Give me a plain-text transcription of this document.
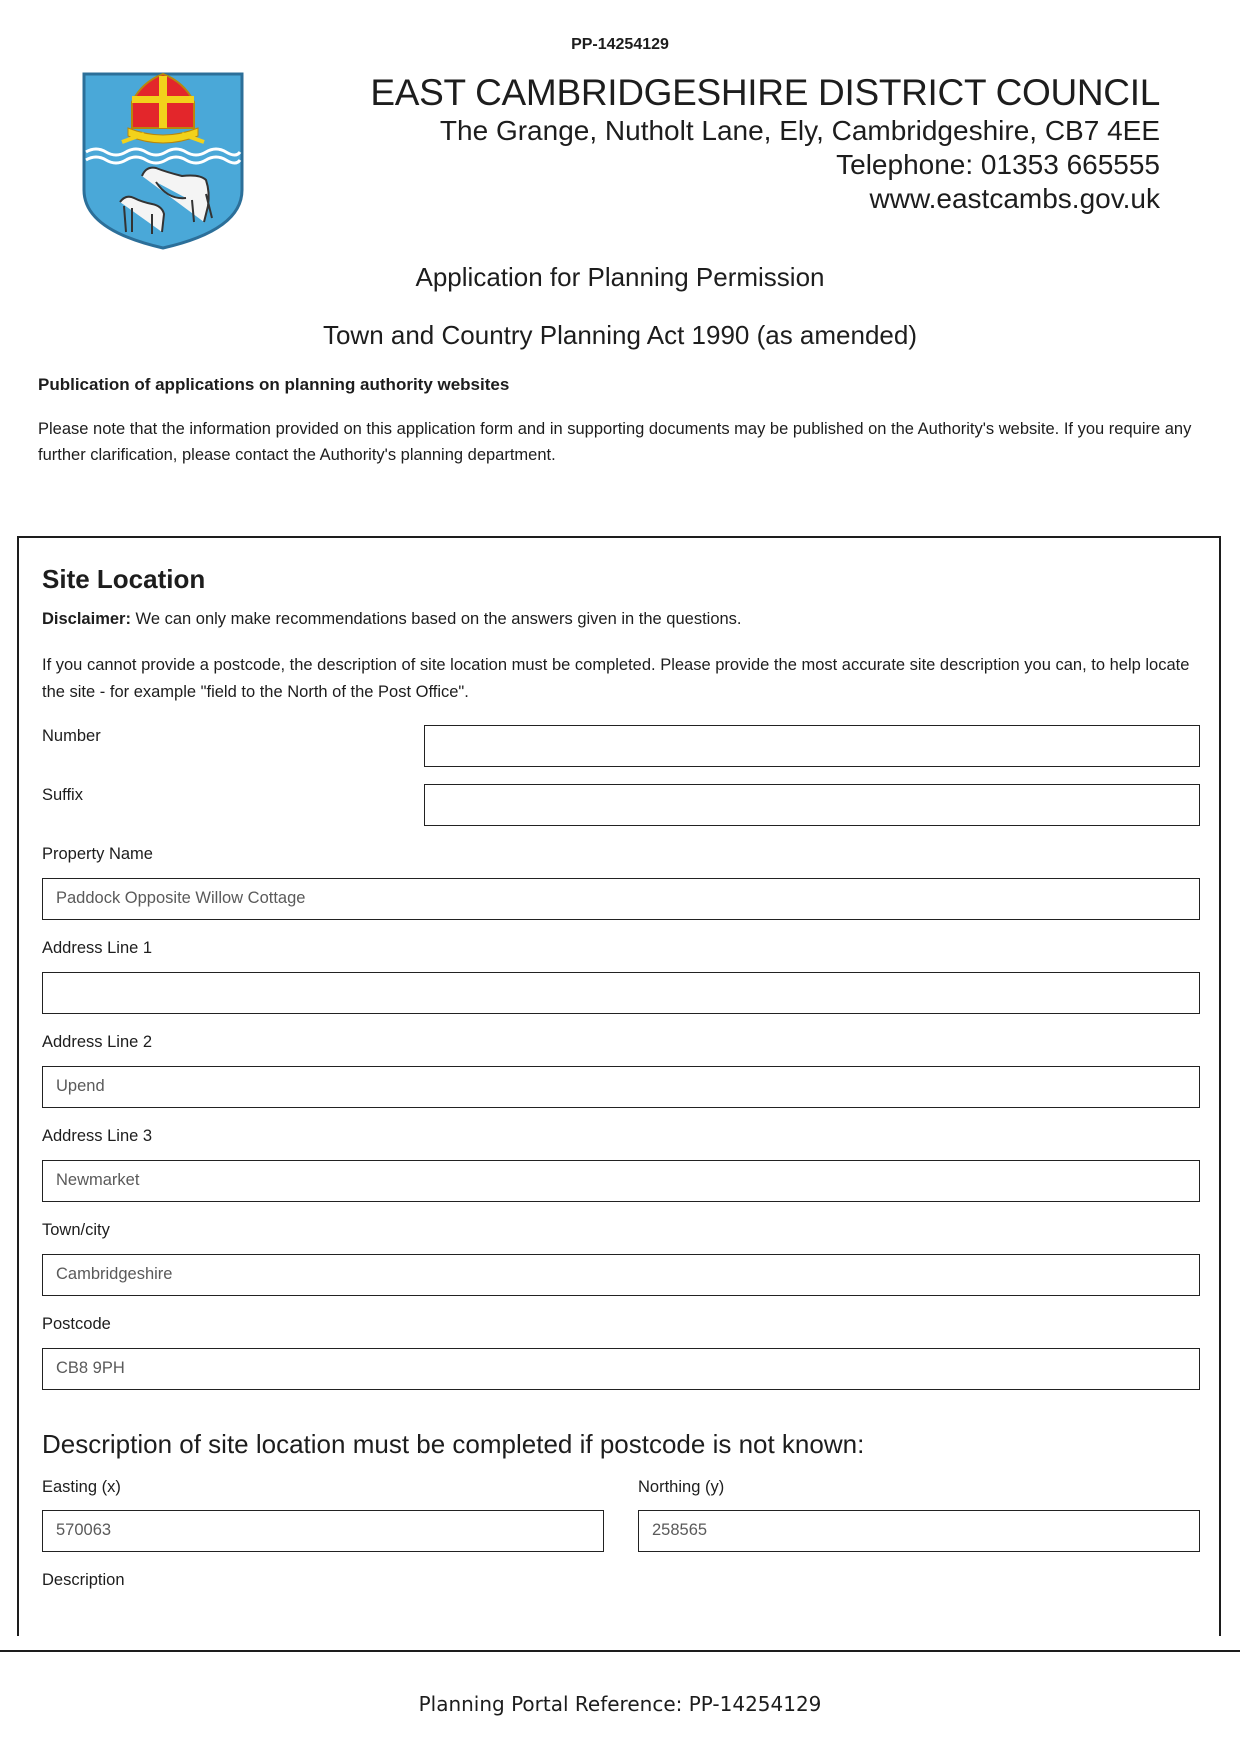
PP-14254129
EAST CAMBRIDGESHIRE DISTRICT COUNCIL
The Grange, Nutholt Lane, Ely, Cambridgeshire, CB7 4EE
Telephone: 01353 665555
www.eastcambs.gov.uk
Application for Planning Permission
Town and Country Planning Act 1990 (as amended)
Publication of applications on planning authority websites
Please note that the information provided on this application form and in supporting documents may be published on the Authority's website. If you require any further clarification, please contact the Authority's planning department.
Site Location
Disclaimer: We can only make recommendations based on the answers given in the questions.
If you cannot provide a postcode, the description of site location must be completed. Please provide the most accurate site description you can, to help locate the site - for example "field to the North of the Post Office".
Number
Suffix
Property Name
Paddock Opposite Willow Cottage
Address Line 1
Address Line 2
Upend
Address Line 3
Newmarket
Town/city
Cambridgeshire
Postcode
CB8 9PH
Description of site location must be completed if postcode is not known:
Easting (x)
570063
Northing (y)
258565
Description
Planning Portal Reference: PP-14254129
